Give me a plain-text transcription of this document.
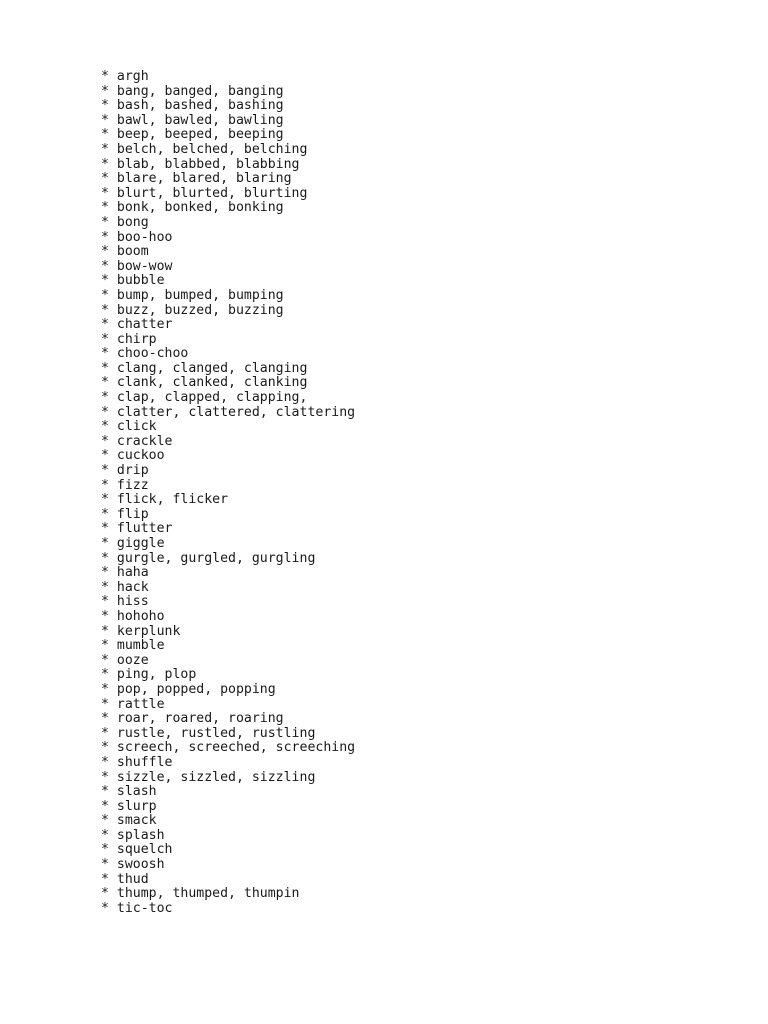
* argh
* bang, banged, banging
* bash, bashed, bashing
* bawl, bawled, bawling
* beep, beeped, beeping
* belch, belched, belching
* blab, blabbed, blabbing
* blare, blared, blaring
* blurt, blurted, blurting
* bonk, bonked, bonking
* bong
* boo-hoo
* boom
* bow-wow
* bubble
* bump, bumped, bumping
* buzz, buzzed, buzzing
* chatter
* chirp
* choo-choo
* clang, clanged, clanging
* clank, clanked, clanking
* clap, clapped, clapping,
* clatter, clattered, clattering
* click
* crackle
* cuckoo
* drip
* fizz
* flick, flicker
* flip
* flutter
* giggle
* gurgle, gurgled, gurgling
* haha
* hack
* hiss
* hohoho
* kerplunk
* mumble
* ooze
* ping, plop
* pop, popped, popping
* rattle
* roar, roared, roaring
* rustle, rustled, rustling
* screech, screeched, screeching
* shuffle
* sizzle, sizzled, sizzling
* slash
* slurp
* smack
* splash
* squelch
* swoosh
* thud
* thump, thumped, thumpin
* tic-toc
